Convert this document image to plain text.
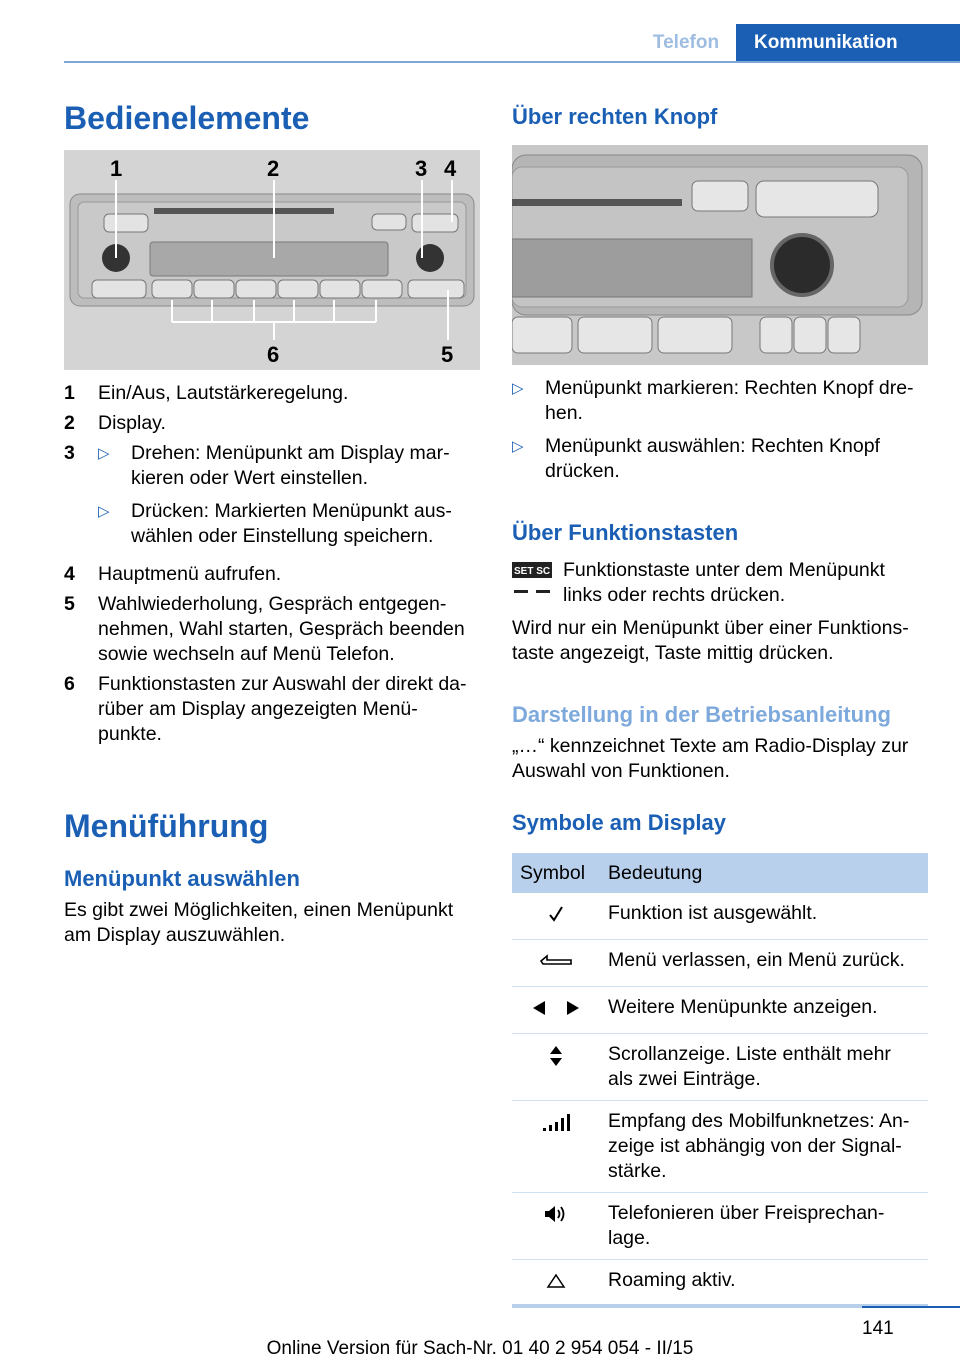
Telefon	Kommunikation
Bedienelemente
1	2	3 4
5
6
1	Ein/Aus, Lautstärkeregelung.
2	Display.
3	▷	Drehen: Menüpunkt am Display mar- kieren oder Wert einstellen.
▷	Drücken: Markierten Menüpunkt aus- wählen oder Einstellung speichern.
4	Hauptmenü aufrufen.
5	Wahlwiederholung, Gespräch entgegen- nehmen, Wahl starten, Gespräch beenden sowie wechseln auf Menü Telefon.
6	Funktionstasten zur Auswahl der direkt da- rüber am Display angezeigten Menü- punkte.
Menüführung
Menüpunkt auswählen
Es gibt zwei Möglichkeiten, einen Menüpunkt am Display auszuwählen.
Über rechten Knopf
▷	Menüpunkt markieren: Rechten Knopf dre- hen.
▷	Menüpunkt auswählen: Rechten Knopf drücken.
Über Funktionstasten
SET SC Funktionstaste unter dem Menüpunkt links oder rechts drücken.
Wird nur ein Menüpunkt über einer Funktions- taste angezeigt, Taste mittig drücken.
Darstellung in der Betriebsanleitung
„…“ kennzeichnet Texte am Radio-Display zur Auswahl von Funktionen.
Symbole am Display
Symbol	Bedeutung
	Funktion ist ausgewählt.
	Menü verlassen, ein Menü zurück.
	Weitere Menüpunkte anzeigen.
	Scrollanzeige. Liste enthält mehr als zwei Einträge.
	Empfang des Mobilfunknetzes: An- zeige ist abhängig von der Signal- stärke.
	Telefonieren über Freisprechan- lage.
	Roaming aktiv.
141
Online Version für Sach-Nr. 01 40 2 954 054 - II/15
